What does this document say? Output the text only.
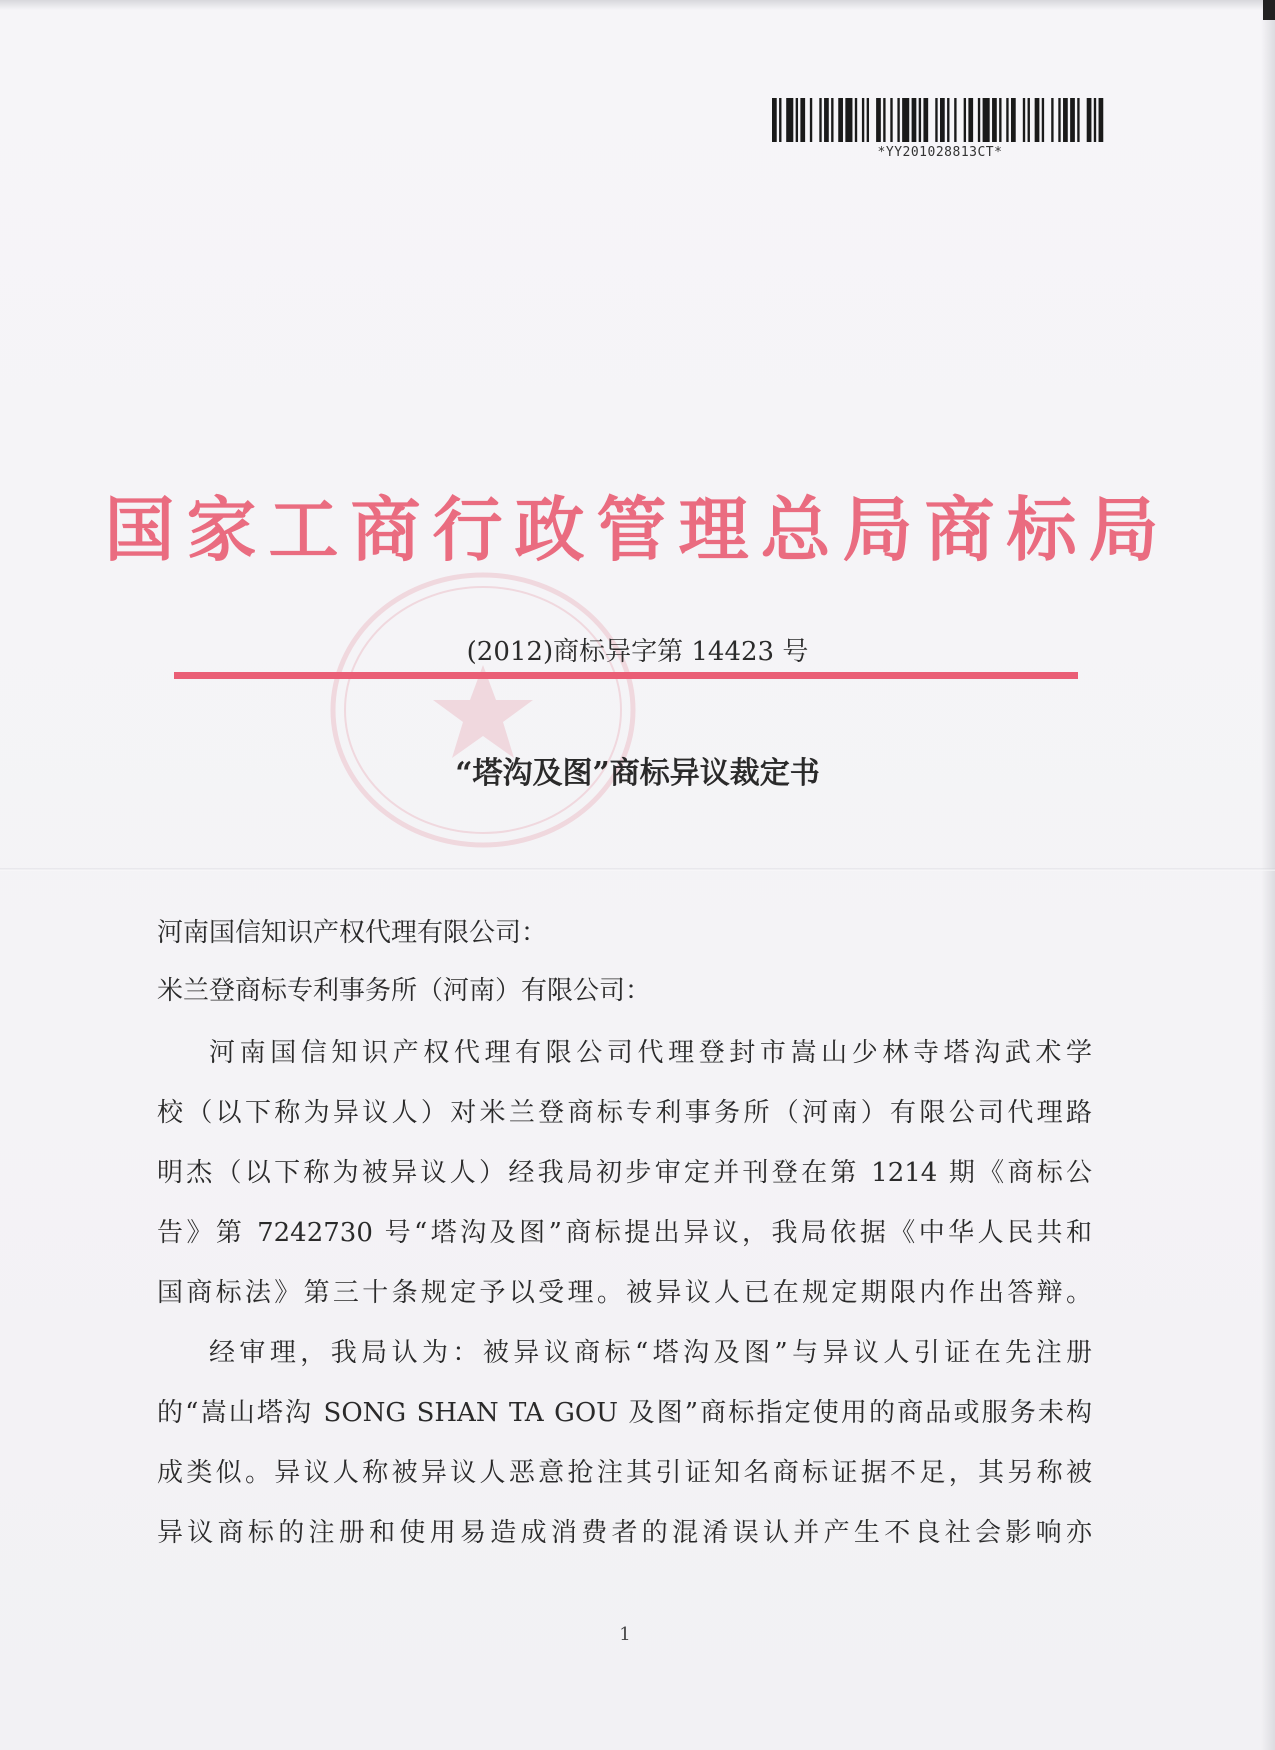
*YY201028813CT*
国家工商行政管理总局商标局
(2012)商标异字第 14423 号
“塔沟及图”商标异议裁定书
河南国信知识产权代理有限公司：
米兰登商标专利事务所（河南）有限公司：
河南国信知识产权代理有限公司代理登封市嵩山少林寺塔沟武术学
校（以下称为异议人）对米兰登商标专利事务所（河南）有限公司代理路
明杰（以下称为被异议人）经我局初步审定并刊登在第 1214 期《商标公
告》第 7242730 号“塔沟及图”商标提出异议，我局依据《中华人民共和
国商标法》第三十条规定予以受理。被异议人已在规定期限内作出答辩。
经审理，我局认为：被异议商标“塔沟及图”与异议人引证在先注册
的“嵩山塔沟 SONG SHAN TA GOU 及图”商标指定使用的商品或服务未构
成类似。异议人称被异议人恶意抢注其引证知名商标证据不足，其另称被
异议商标的注册和使用易造成消费者的混淆误认并产生不良社会影响亦
1
